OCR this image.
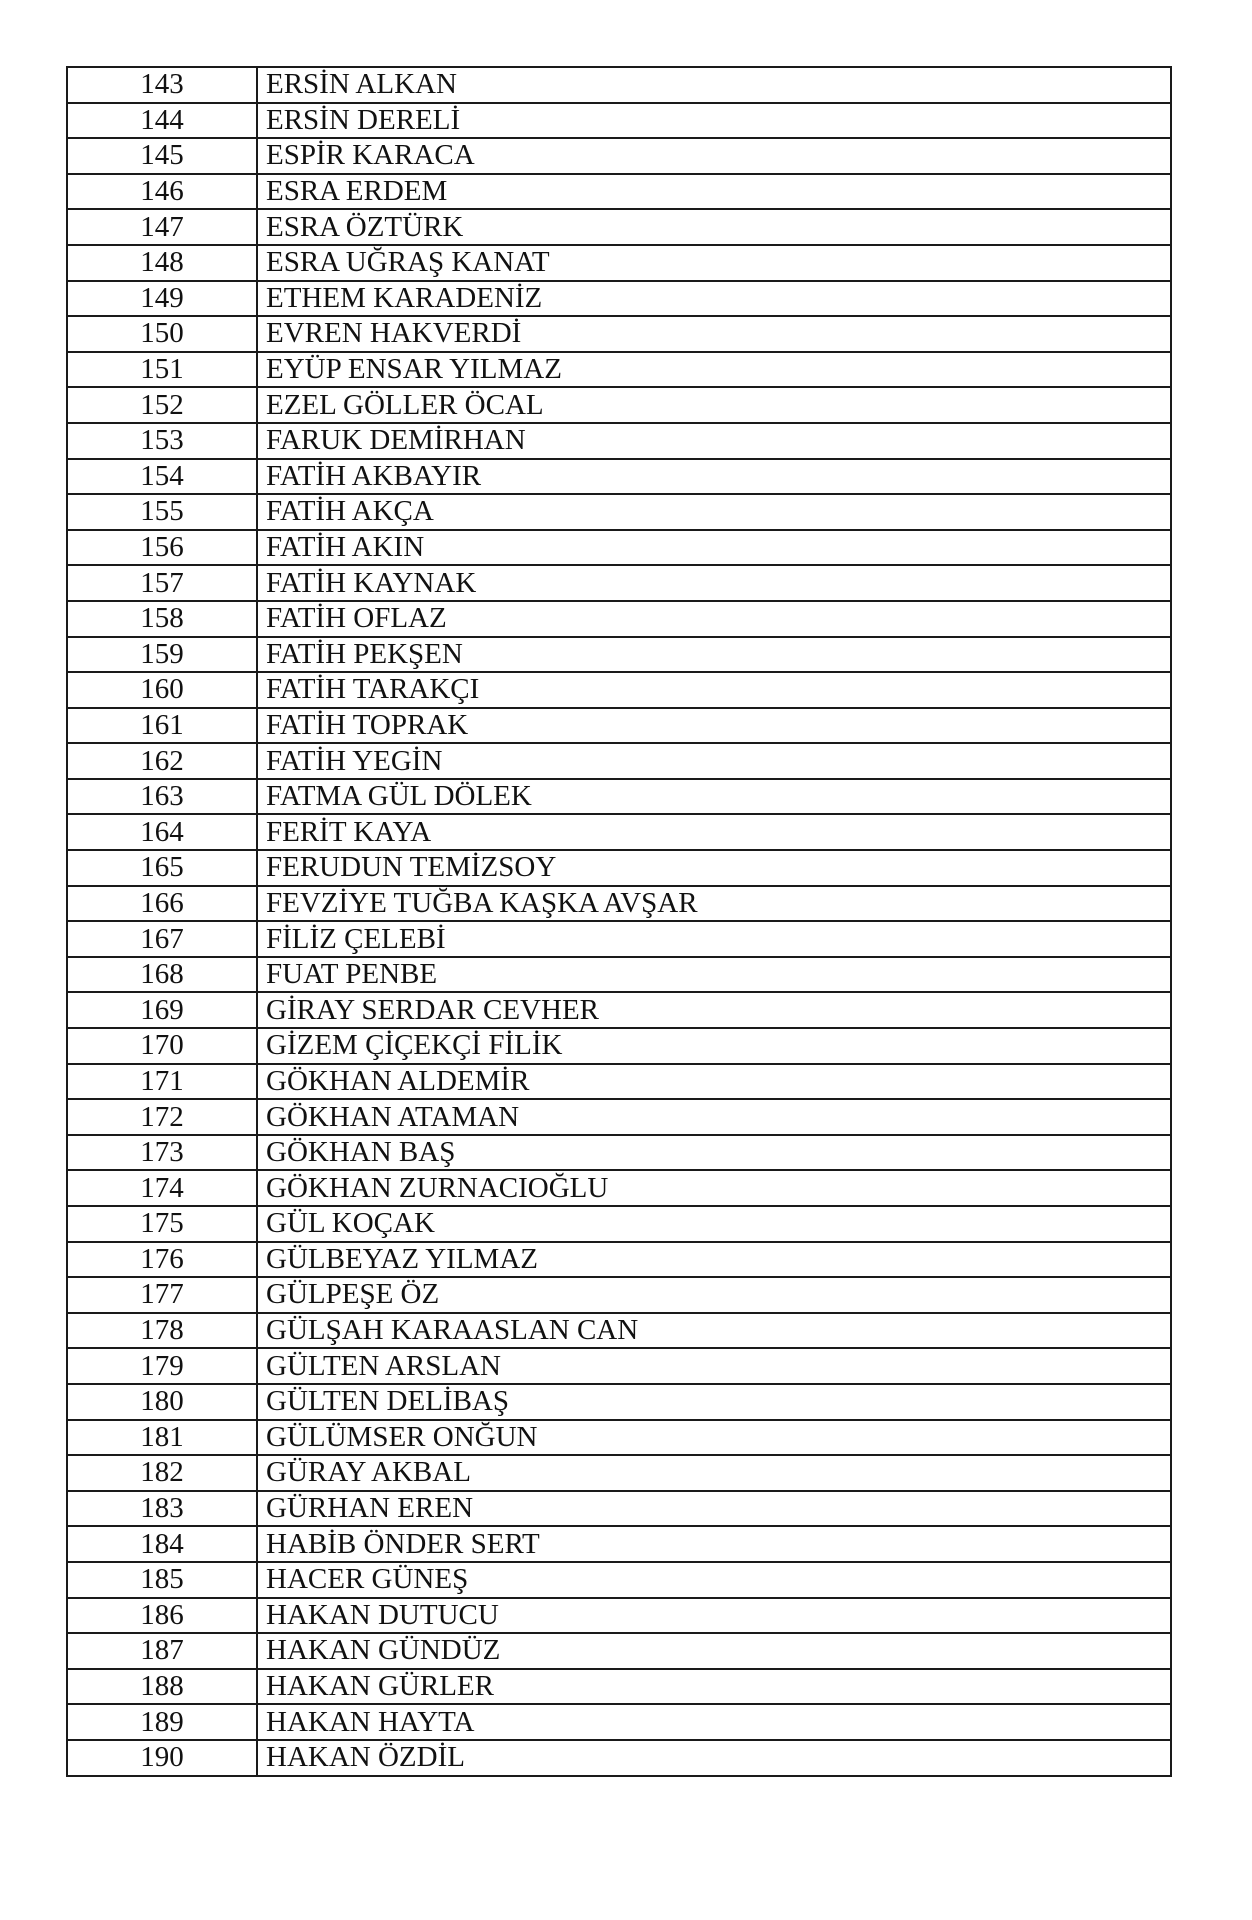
143	ERSİN ALKAN
144	ERSİN DERELİ
145	ESPİR KARACA
146	ESRA ERDEM
147	ESRA ÖZTÜRK
148	ESRA UĞRAŞ KANAT
149	ETHEM KARADENİZ
150	EVREN HAKVERDİ
151	EYÜP ENSAR YILMAZ
152	EZEL GÖLLER ÖCAL
153	FARUK DEMİRHAN
154	FATİH AKBAYIR
155	FATİH AKÇA
156	FATİH AKIN
157	FATİH KAYNAK
158	FATİH OFLAZ
159	FATİH PEKŞEN
160	FATİH TARAKÇI
161	FATİH TOPRAK
162	FATİH YEGİN
163	FATMA GÜL DÖLEK
164	FERİT KAYA
165	FERUDUN TEMİZSOY
166	FEVZİYE TUĞBA KAŞKA AVŞAR
167	FİLİZ ÇELEBİ
168	FUAT PENBE
169	GİRAY SERDAR CEVHER
170	GİZEM ÇİÇEKÇİ FİLİK
171	GÖKHAN ALDEMİR
172	GÖKHAN ATAMAN
173	GÖKHAN BAŞ
174	GÖKHAN ZURNACIOĞLU
175	GÜL KOÇAK
176	GÜLBEYAZ YILMAZ
177	GÜLPEŞE ÖZ
178	GÜLŞAH KARAASLAN CAN
179	GÜLTEN ARSLAN
180	GÜLTEN DELİBAŞ
181	GÜLÜMSER ONĞUN
182	GÜRAY AKBAL
183	GÜRHAN EREN
184	HABİB ÖNDER SERT
185	HACER GÜNEŞ
186	HAKAN DUTUCU
187	HAKAN GÜNDÜZ
188	HAKAN GÜRLER
189	HAKAN HAYTA
190	HAKAN ÖZDİL
